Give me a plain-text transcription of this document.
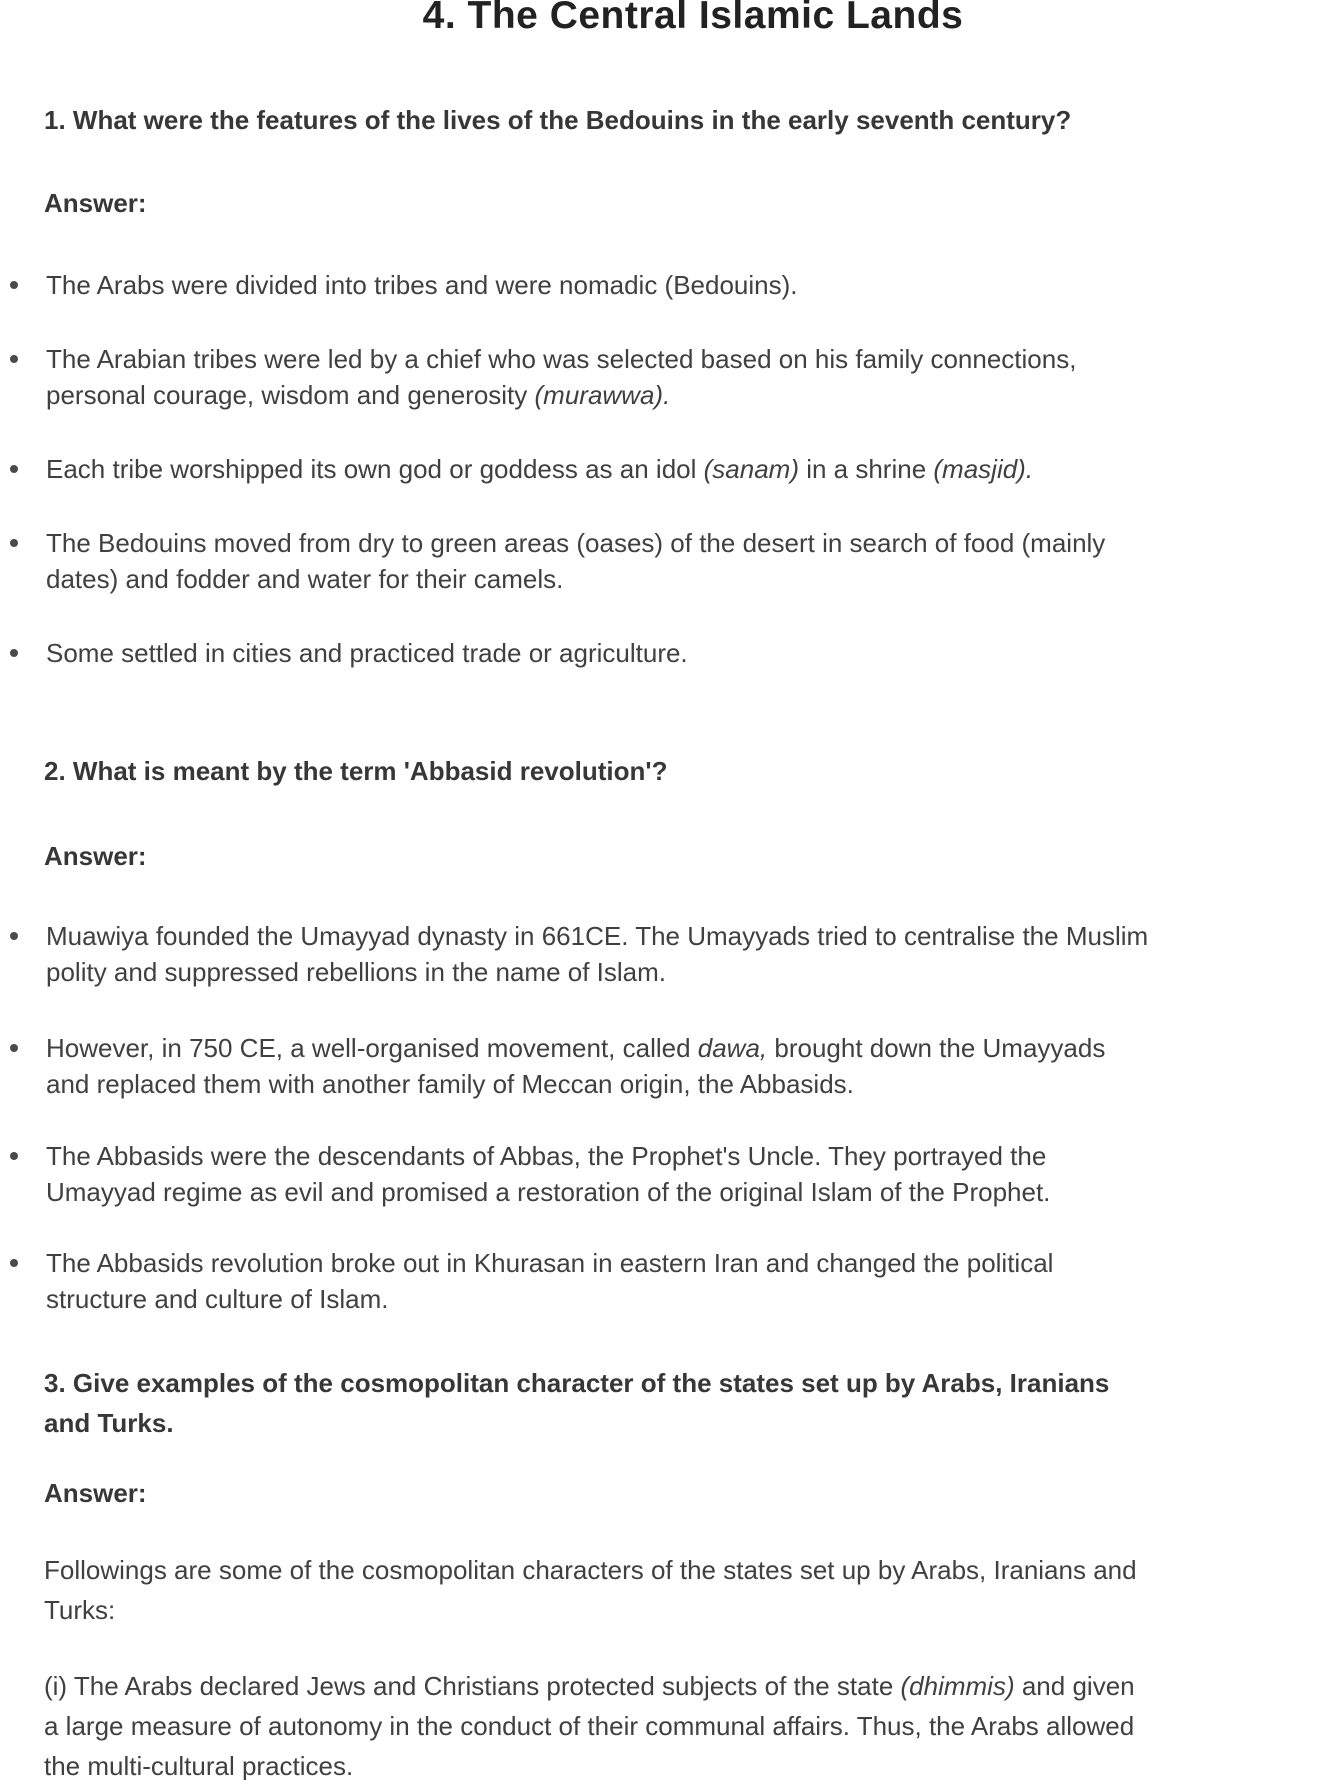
4. The Central Islamic Lands
1. What were the features of the lives of the Bedouins in the early seventh century?
Answer:
The Arabs were divided into tribes and were nomadic (Bedouins).
The Arabian tribes were led by a chief who was selected based on his family connections,
personal courage, wisdom and generosity (murawwa).
Each tribe worshipped its own god or goddess as an idol (sanam) in a shrine (masjid).
The Bedouins moved from dry to green areas (oases) of the desert in search of food (mainly
dates) and fodder and water for their camels.
Some settled in cities and practiced trade or agriculture.
2. What is meant by the term 'Abbasid revolution'?
Answer:
Muawiya founded the Umayyad dynasty in 661CE. The Umayyads tried to centralise the Muslim
polity and suppressed rebellions in the name of Islam.
However, in 750 CE, a well-organised movement, called dawa, brought down the Umayyads
and replaced them with another family of Meccan origin, the Abbasids.
The Abbasids were the descendants of Abbas, the Prophet's Uncle. They portrayed the
Umayyad regime as evil and promised a restoration of the original Islam of the Prophet.
The Abbasids revolution broke out in Khurasan in eastern Iran and changed the political
structure and culture of Islam.
3. Give examples of the cosmopolitan character of the states set up by Arabs, Iranians
and Turks.
Answer:
Followings are some of the cosmopolitan characters of the states set up by Arabs, Iranians and
Turks:
(i) The Arabs declared Jews and Christians protected subjects of the state (dhimmis) and given
a large measure of autonomy in the conduct of their communal affairs. Thus, the Arabs allowed
the multi-cultural practices.
